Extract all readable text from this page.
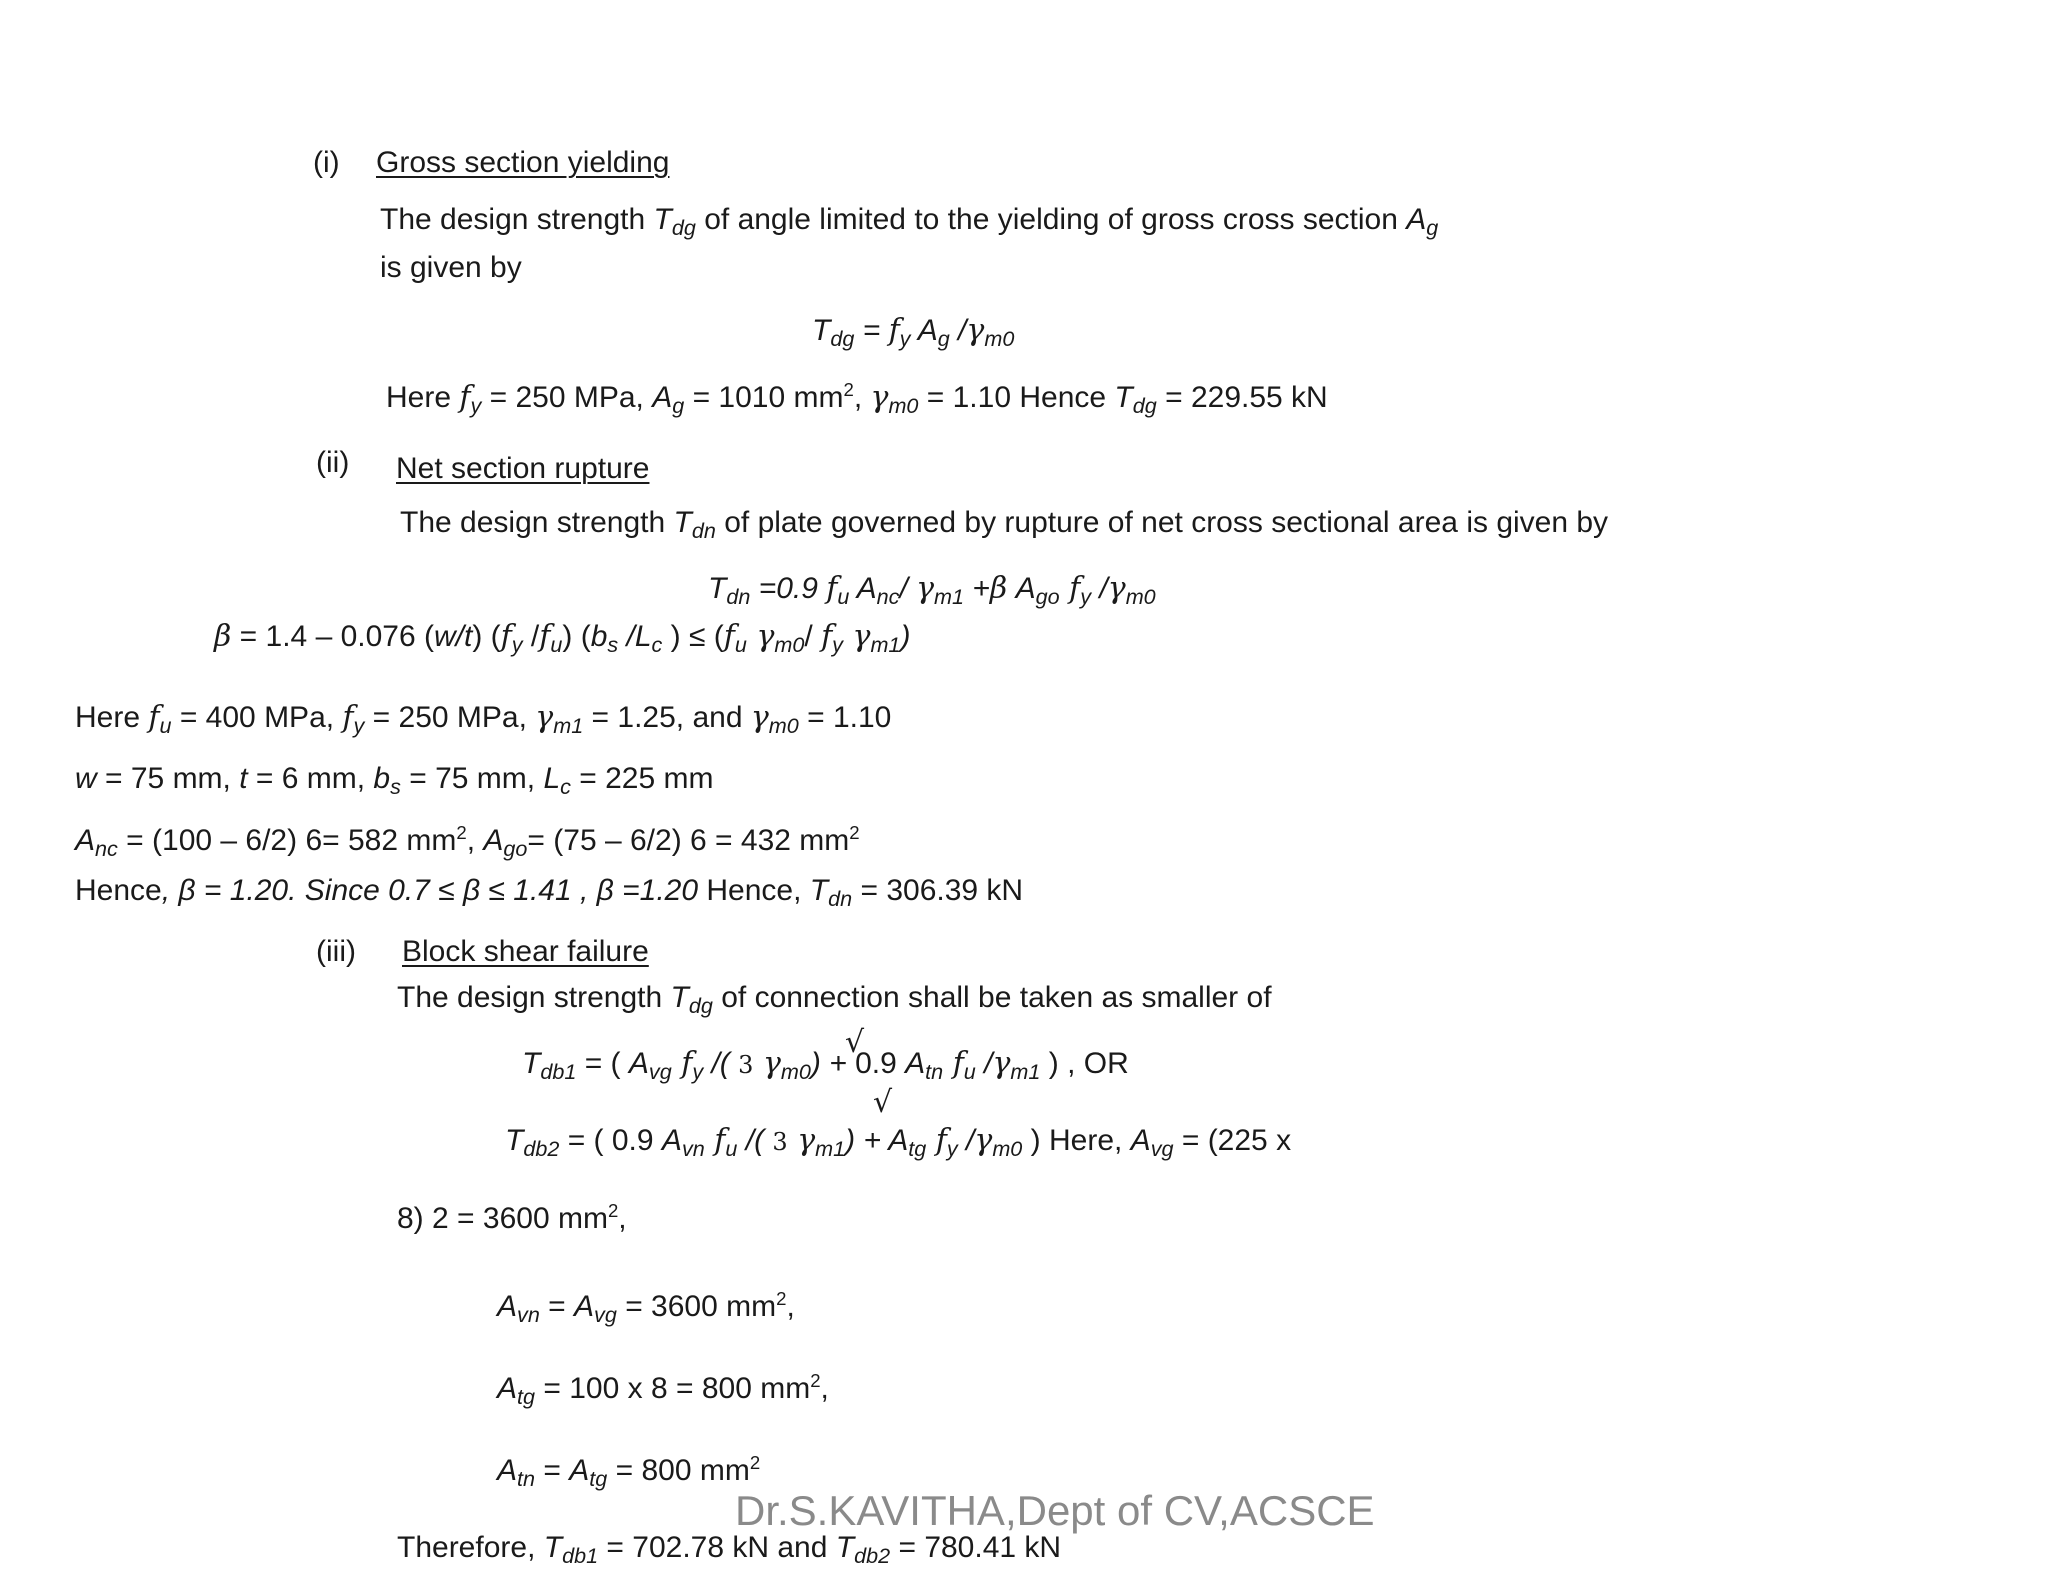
(i) Gross section yielding
The design strength $T_{dg}$ of angle limited to the yielding of gross cross section $A_g$
is given by
$T_{dg} = f_y$ $A_g$ $/\gamma_{m0}$
Here $f_y = 250$ MPa, $A_g = 1010$ $mm^2$, $\gamma_{m0} = 1.10$ Hence $T_{dg} = 229.55$ kN
(ii) Net section rupture
The design strength $T_{dn}$ of plate governed by rupture of net cross sectional area is given by
$T_{dn} =0.9$ $f_u$ $A_{nc}/$ $\gamma_{m1} +\beta$ $A_{go}$ $f_y$ $/\gamma_{m0}$
β = 1.4 – 0.076 (w/t) ($f_y$ $/f_u$) ($b_s$ $/L_c$ ) ≤ ($f_u$ $\gamma_{m0}/$ $f_y$ $\gamma_{m1}$)
Here $f_u = 400$ MPa, $f_y = 250$ MPa, $\gamma_{m1} = 1.25$, and $\gamma_{m0} = 1.10$
w = 75 mm, t = 6 mm, $b_s = 75$ mm, $L_c = 225$ mm
$A_{nc} = (100 - 6/2)$ 6= 582 $mm^2$, $A_{go}= (75 - 6/2) 6 = 432$ $mm^2$
Hence, β = 1.20. Since 0.7 ≤ β ≤ 1.41 , β =1.20 Hence, $T_{dn} = 306.39$ kN
(iii) Block shear failure
The design strength $T_{dg}$ of connection shall be taken as smaller of
√
$T_{db1}$ = ( $A_{vg}$ $f_y$ /( 3 $\gamma_{m0}) + 0.9$ $A_{tn}$ $f_u$ $/\gamma_{m1}$ ) , OR
√
$T_{db2}$ = ( 0.9 $A_{vn}$ $f_u$ /( 3 $\gamma_{m1}) + A_{tg}$ $f_y$ $/\gamma_{m0}$ ) Here, $A_{vg} = (225$ x
8) 2 = 3600 $mm^2$,
$A_{vn} = A_{vg} = 3600$ $mm^2$,
$A_{tg} = 100$ x 8 = 800 $mm^2$,
$A_{tn} = A_{tg} = 800$ $mm^2$
Dr.S.KAVITHA,Dept of CV,ACSCE
Therefore, $T_{db1} = 702.78$ kN and $T_{db2} = 780.41$ kN
